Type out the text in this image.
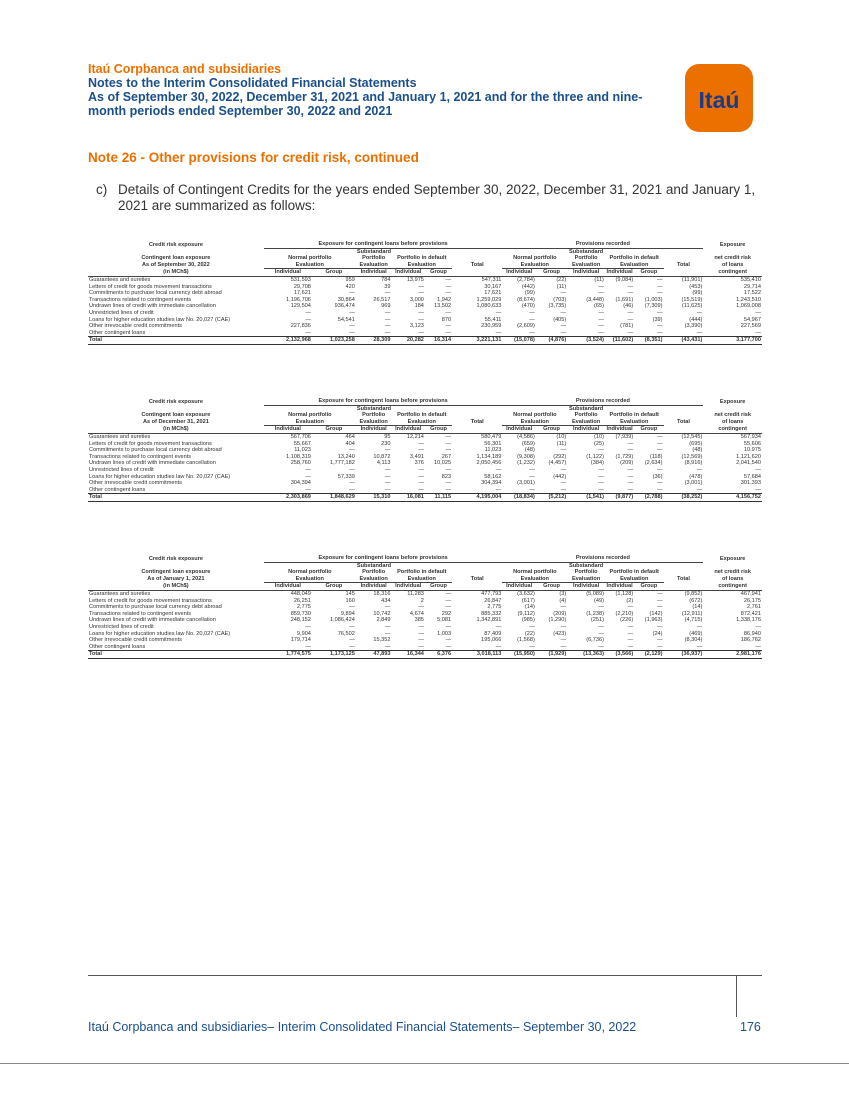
Itaú Corpbanca and subsidiaries
Notes to the Interim Consolidated Financial Statements
As of September 30, 2022, December 31, 2021 and January 1, 2021 and for the three and nine-
month periods ended September 30, 2022 and 2021	Itaú
Note 26 - Other provisions for credit risk, continued
c) Details of Contingent Credits for the years ended September 30, 2022, December 31, 2021 and January 1, 2021 are summarized as follows:
Credit risk exposure	Exposure for contingent loans before provisions						Provisions recorded						Exposure
Contingent loan exposure	Normal portfolio		Substandard Portfolio	Portfolio in default			Normal portfolio		Substandard Portfolio	Portfolio in default			net credit risk
As of September 30, 2022	Evaluation		Evaluation	Evaluation		Total	Evaluation		Evaluation	Evaluation		Total	of loans
(in MCh$)	Individual	Group	Individual	Individual	Group		Individual	Group	Individual	Individual	Group		contingent
Guarantees and sureties	531,593	959	784	13,975	—	547,311	(2,784)	(22)	(11)	(9,084)	—	(11,901)	535,410
Letters of credit for goods movement transactions	29,708	420	39	—	—	30,167	(442)	(11)	—	—	—	(453)	29,714
Commitments to purchase local currency debt abroad	17,621	—	—	—	—	17,621	(99)	—	—	—	—	(99)	17,522
Transactions related to contingent events	1,196,706	30,864	26,517	3,000	1,942	1,259,029	(8,674)	(703)	(3,448)	(1,691)	(1,003)	(15,519)	1,243,510
Undrawn lines of credit with immediate cancellation	129,504	936,474	969	184	13,502	1,080,633	(470)	(3,735)	(65)	(46)	(7,309)	(11,625)	1,069,008
Unrestricted lines of credit	—	—	—	—	—	—	—	—	—	—	—	—	—
Loans for higher education studies law No. 20,027 (CAE)	—	54,541	—	—	870	55,411	—	(405)	—	—	(39)	(444)	54,967
Other irrevocable credit commitments	227,836	—	—	3,123	—	230,959	(2,609)	—	—	(781)	—	(3,390)	227,569
Other contingent loans	—	—	—	—	—	—	—	—	—	—	—	—	—
Total	2,132,968	1,023,258	28,309	20,282	16,314	3,221,131	(15,078)	(4,876)	(3,524)	(11,602)	(8,351)	(43,431)	3,177,700
Credit risk exposure	Exposure for contingent loans before provisions						Provisions recorded						Exposure
Contingent loan exposure	Normal portfolio		Substandard Portfolio	Portfolio in default			Normal portfolio		Substandard Portfolio	Portfolio in default			net credit risk
As of December 31, 2021	Evaluation		Evaluation	Evaluation		Total	Evaluation		Evaluation	Evaluation		Total	of loans
(in MCh$)	Individual	Group	Individual	Individual	Group		Individual	Group	Individual	Individual	Group		contingent
Guarantees and sureties	567,706	464	95	12,214	—	580,479	(4,586)	(10)	(10)	(7,939)	—	(12,545)	567,934
Letters of credit for goods movement transactions	55,667	404	230	—	—	56,301	(659)	(11)	(25)	—	—	(695)	55,606
Commitments to purchase local currency debt abroad	11,023	—	—	—	—	11,023	(48)	—	—	—	—	(48)	10,975
Transactions related to contingent events	1,108,319	13,240	10,872	3,491	267	1,134,189	(9,308)	(292)	(1,122)	(1,729)	(118)	(12,569)	1,121,620
Undrawn lines of credit with immediate cancellation	258,760	1,777,182	4,113	376	10,025	2,050,456	(1,232)	(4,457)	(384)	(209)	(2,634)	(8,916)	2,041,540
Unrestricted lines of credit	—	—	—	—	—	—	—	—	—	—	—	—	—
Loans for higher education studies law No. 20,027 (CAE)	—	57,339	—	—	823	58,162	—	(442)	—	—	(36)	(478)	57,684
Other irrevocable credit commitments	304,394	—	—	—	—	304,394	(3,001)	—	—	—	—	(3,001)	301,393
Other contingent loans	—	—	—	—	—	—	—	—	—	—	—	—	—
Total	2,303,869	1,848,629	15,310	16,081	11,115	4,195,004	(18,834)	(5,212)	(1,541)	(9,877)	(2,788)	(38,252)	4,156,752
Credit risk exposure	Exposure for contingent loans before provisions						Provisions recorded						Exposure
Contingent loan exposure	Normal portfolio		Substandard Portfolio	Portfolio in default			Normal portfolio		Substandard Portfolio	Portfolio in default			net credit risk
As of January 1, 2021	Evaluation		Evaluation	Evaluation		Total	Evaluation		Evaluation	Evaluation		Total	of loans
(in MCh$)	Individual	Group	Individual	Individual	Group		Individual	Group	Individual	Individual	Group		contingent
Guarantees and sureties	448,049	145	18,316	11,283	—	477,793	(3,632)	(3)	(5,089)	(1,128)	—	(9,852)	467,941
Letters of credit for goods movement transactions	26,251	160	434	2	—	26,847	(617)	(4)	(49)	(2)	—	(672)	26,175
Commitments to purchase local currency debt abroad	2,775	—	—	—	—	2,775	(14)	—	—	—	—	(14)	2,761
Transactions related to contingent events	859,730	9,894	10,742	4,674	292	885,332	(9,112)	(209)	(1,238)	(2,210)	(142)	(12,911)	872,421
Undrawn lines of credit with immediate cancellation	248,152	1,086,424	2,849	385	5,081	1,342,891	(985)	(1,290)	(251)	(226)	(1,963)	(4,715)	1,338,176
Unrestricted lines of credit	—	—	—	—	—	—	—	—	—	—	—	—	—
Loans for higher education studies law No. 20,027 (CAE)	9,904	76,502	—	—	1,003	87,409	(22)	(423)	—	—	(24)	(469)	86,940
Other irrevocable credit commitments	179,714	—	15,352	—	—	195,066	(1,568)	—	(6,736)	—	—	(8,304)	186,762
Other contingent loans	—	—	—	—	—	—	—	—	—	—	—	—	—
Total	1,774,575	1,173,125	47,893	16,344	6,376	3,018,113	(15,950)	(1,929)	(13,363)	(3,566)	(2,129)	(36,937)	2,981,176
Itaú Corpbanca and subsidiaries– Interim Consolidated Financial Statements– September 30, 2022	176
